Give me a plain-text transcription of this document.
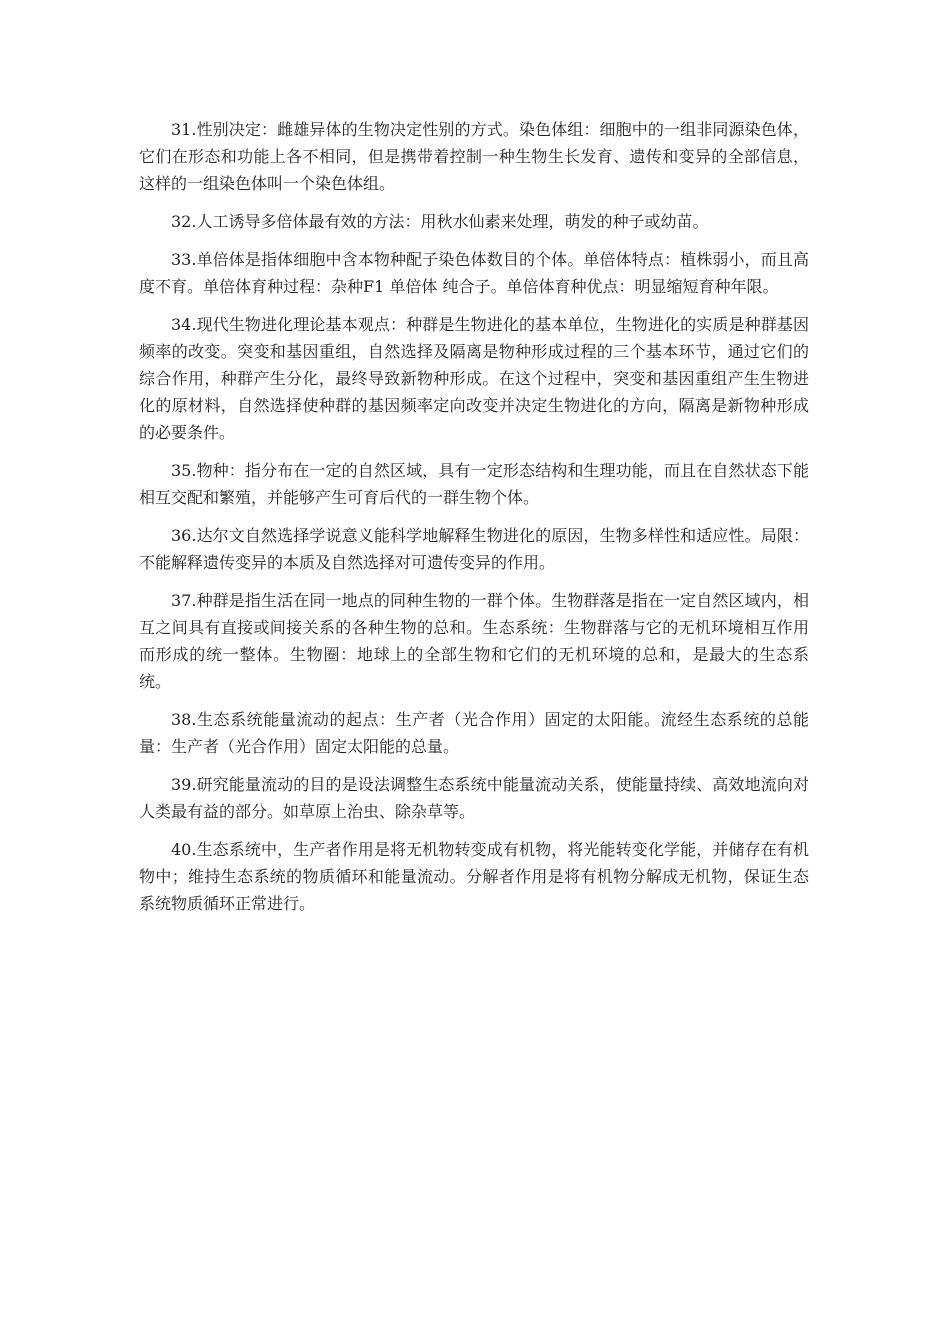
31.性别决定：雌雄异体的生物决定性别的方式。染色体组：细胞中的一组非同源染色体，它们在形态和功能上各不相同，但是携带着控制一种生物生长发育、遗传和变异的全部信息，这样的一组染色体叫一个染色体组。

32.人工诱导多倍体最有效的方法：用秋水仙素来处理，萌发的种子或幼苗。

33.单倍体是指体细胞中含本物种配子染色体数目的个体。单倍体特点：植株弱小，而且高度不育。单倍体育种过程：杂种F1 单倍体 纯合子。单倍体育种优点：明显缩短育种年限。

34.现代生物进化理论基本观点：种群是生物进化的基本单位，生物进化的实质是种群基因频率的改变。突变和基因重组，自然选择及隔离是物种形成过程的三个基本环节，通过它们的综合作用，种群产生分化，最终导致新物种形成。在这个过程中，突变和基因重组产生生物进化的原材料，自然选择使种群的基因频率定向改变并决定生物进化的方向，隔离是新物种形成的必要条件。

35.物种：指分布在一定的自然区域，具有一定形态结构和生理功能，而且在自然状态下能相互交配和繁殖，并能够产生可育后代的一群生物个体。

36.达尔文自然选择学说意义能科学地解释生物进化的原因，生物多样性和适应性。局限：不能解释遗传变异的本质及自然选择对可遗传变异的作用。

37.种群是指生活在同一地点的同种生物的一群个体。生物群落是指在一定自然区域内，相互之间具有直接或间接关系的各种生物的总和。生态系统：生物群落与它的无机环境相互作用而形成的统一整体。生物圈：地球上的全部生物和它们的无机环境的总和，是最大的生态系统。

38.生态系统能量流动的起点：生产者（光合作用）固定的太阳能。流经生态系统的总能量：生产者（光合作用）固定太阳能的总量。

39.研究能量流动的目的是设法调整生态系统中能量流动关系，使能量持续、高效地流向对人类最有益的部分。如草原上治虫、除杂草等。

40.生态系统中，生产者作用是将无机物转变成有机物，将光能转变化学能，并储存在有机物中；维持生态系统的物质循环和能量流动。分解者作用是将有机物分解成无机物，保证生态系统物质循环正常进行。
